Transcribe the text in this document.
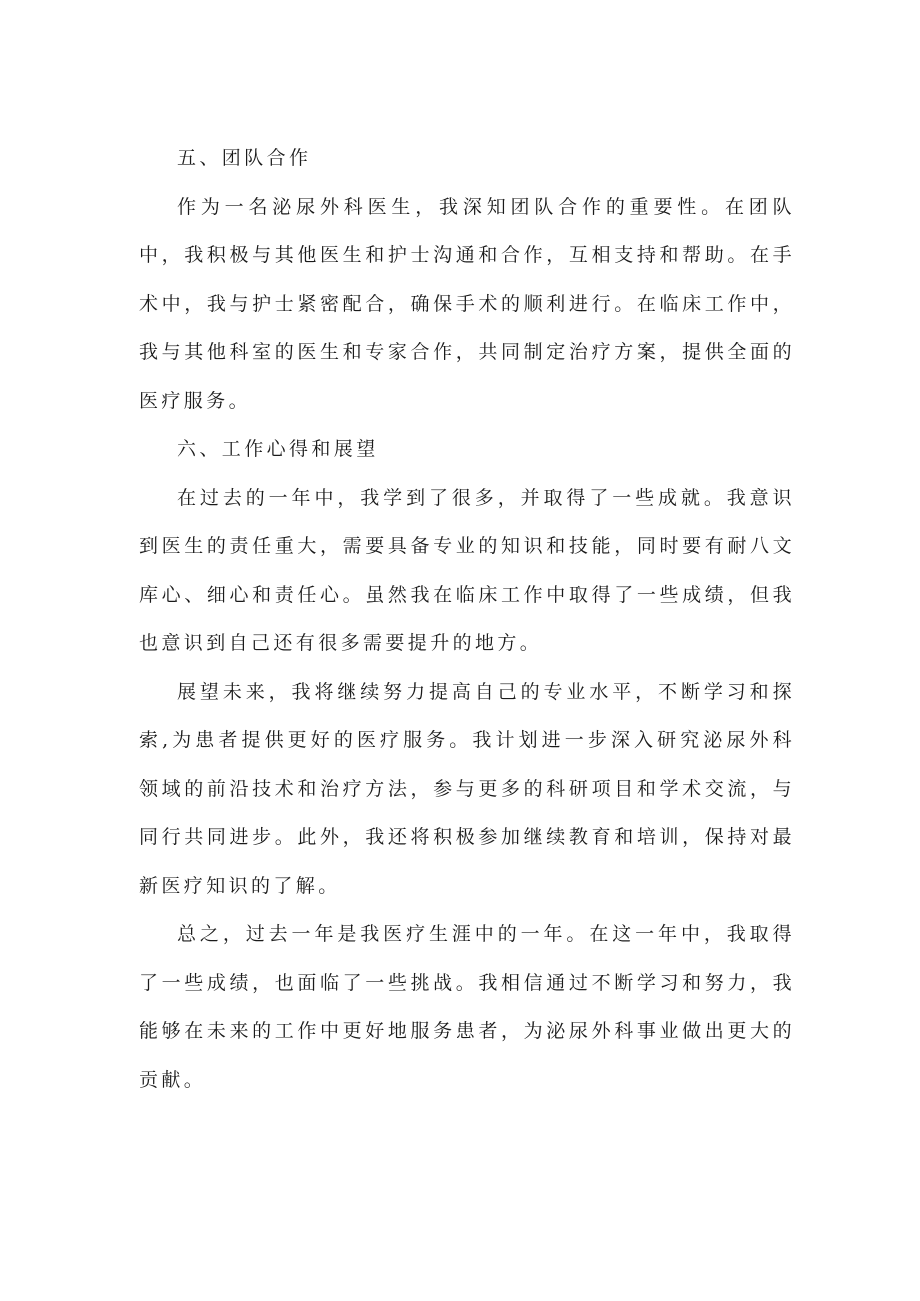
五、团队合作

作为一名泌尿外科医生，我深知团队合作的重要性。在团队中，我积极与其他医生和护士沟通和合作，互相支持和帮助。在手术中，我与护士紧密配合，确保手术的顺利进行。在临床工作中，我与其他科室的医生和专家合作，共同制定治疗方案，提供全面的医疗服务。

六、工作心得和展望

在过去的一年中，我学到了很多，并取得了一些成就。我意识到医生的责任重大，需要具备专业的知识和技能，同时要有耐八文库心、细心和责任心。虽然我在临床工作中取得了一些成绩，但我也意识到自己还有很多需要提升的地方。

展望未来，我将继续努力提高自己的专业水平，不断学习和探索,为患者提供更好的医疗服务。我计划进一步深入研究泌尿外科领域的前沿技术和治疗方法，参与更多的科研项目和学术交流，与同行共同进步。此外，我还将积极参加继续教育和培训，保持对最新医疗知识的了解。

总之，过去一年是我医疗生涯中的一年。在这一年中，我取得了一些成绩，也面临了一些挑战。我相信通过不断学习和努力，我能够在未来的工作中更好地服务患者，为泌尿外科事业做出更大的贡献。
